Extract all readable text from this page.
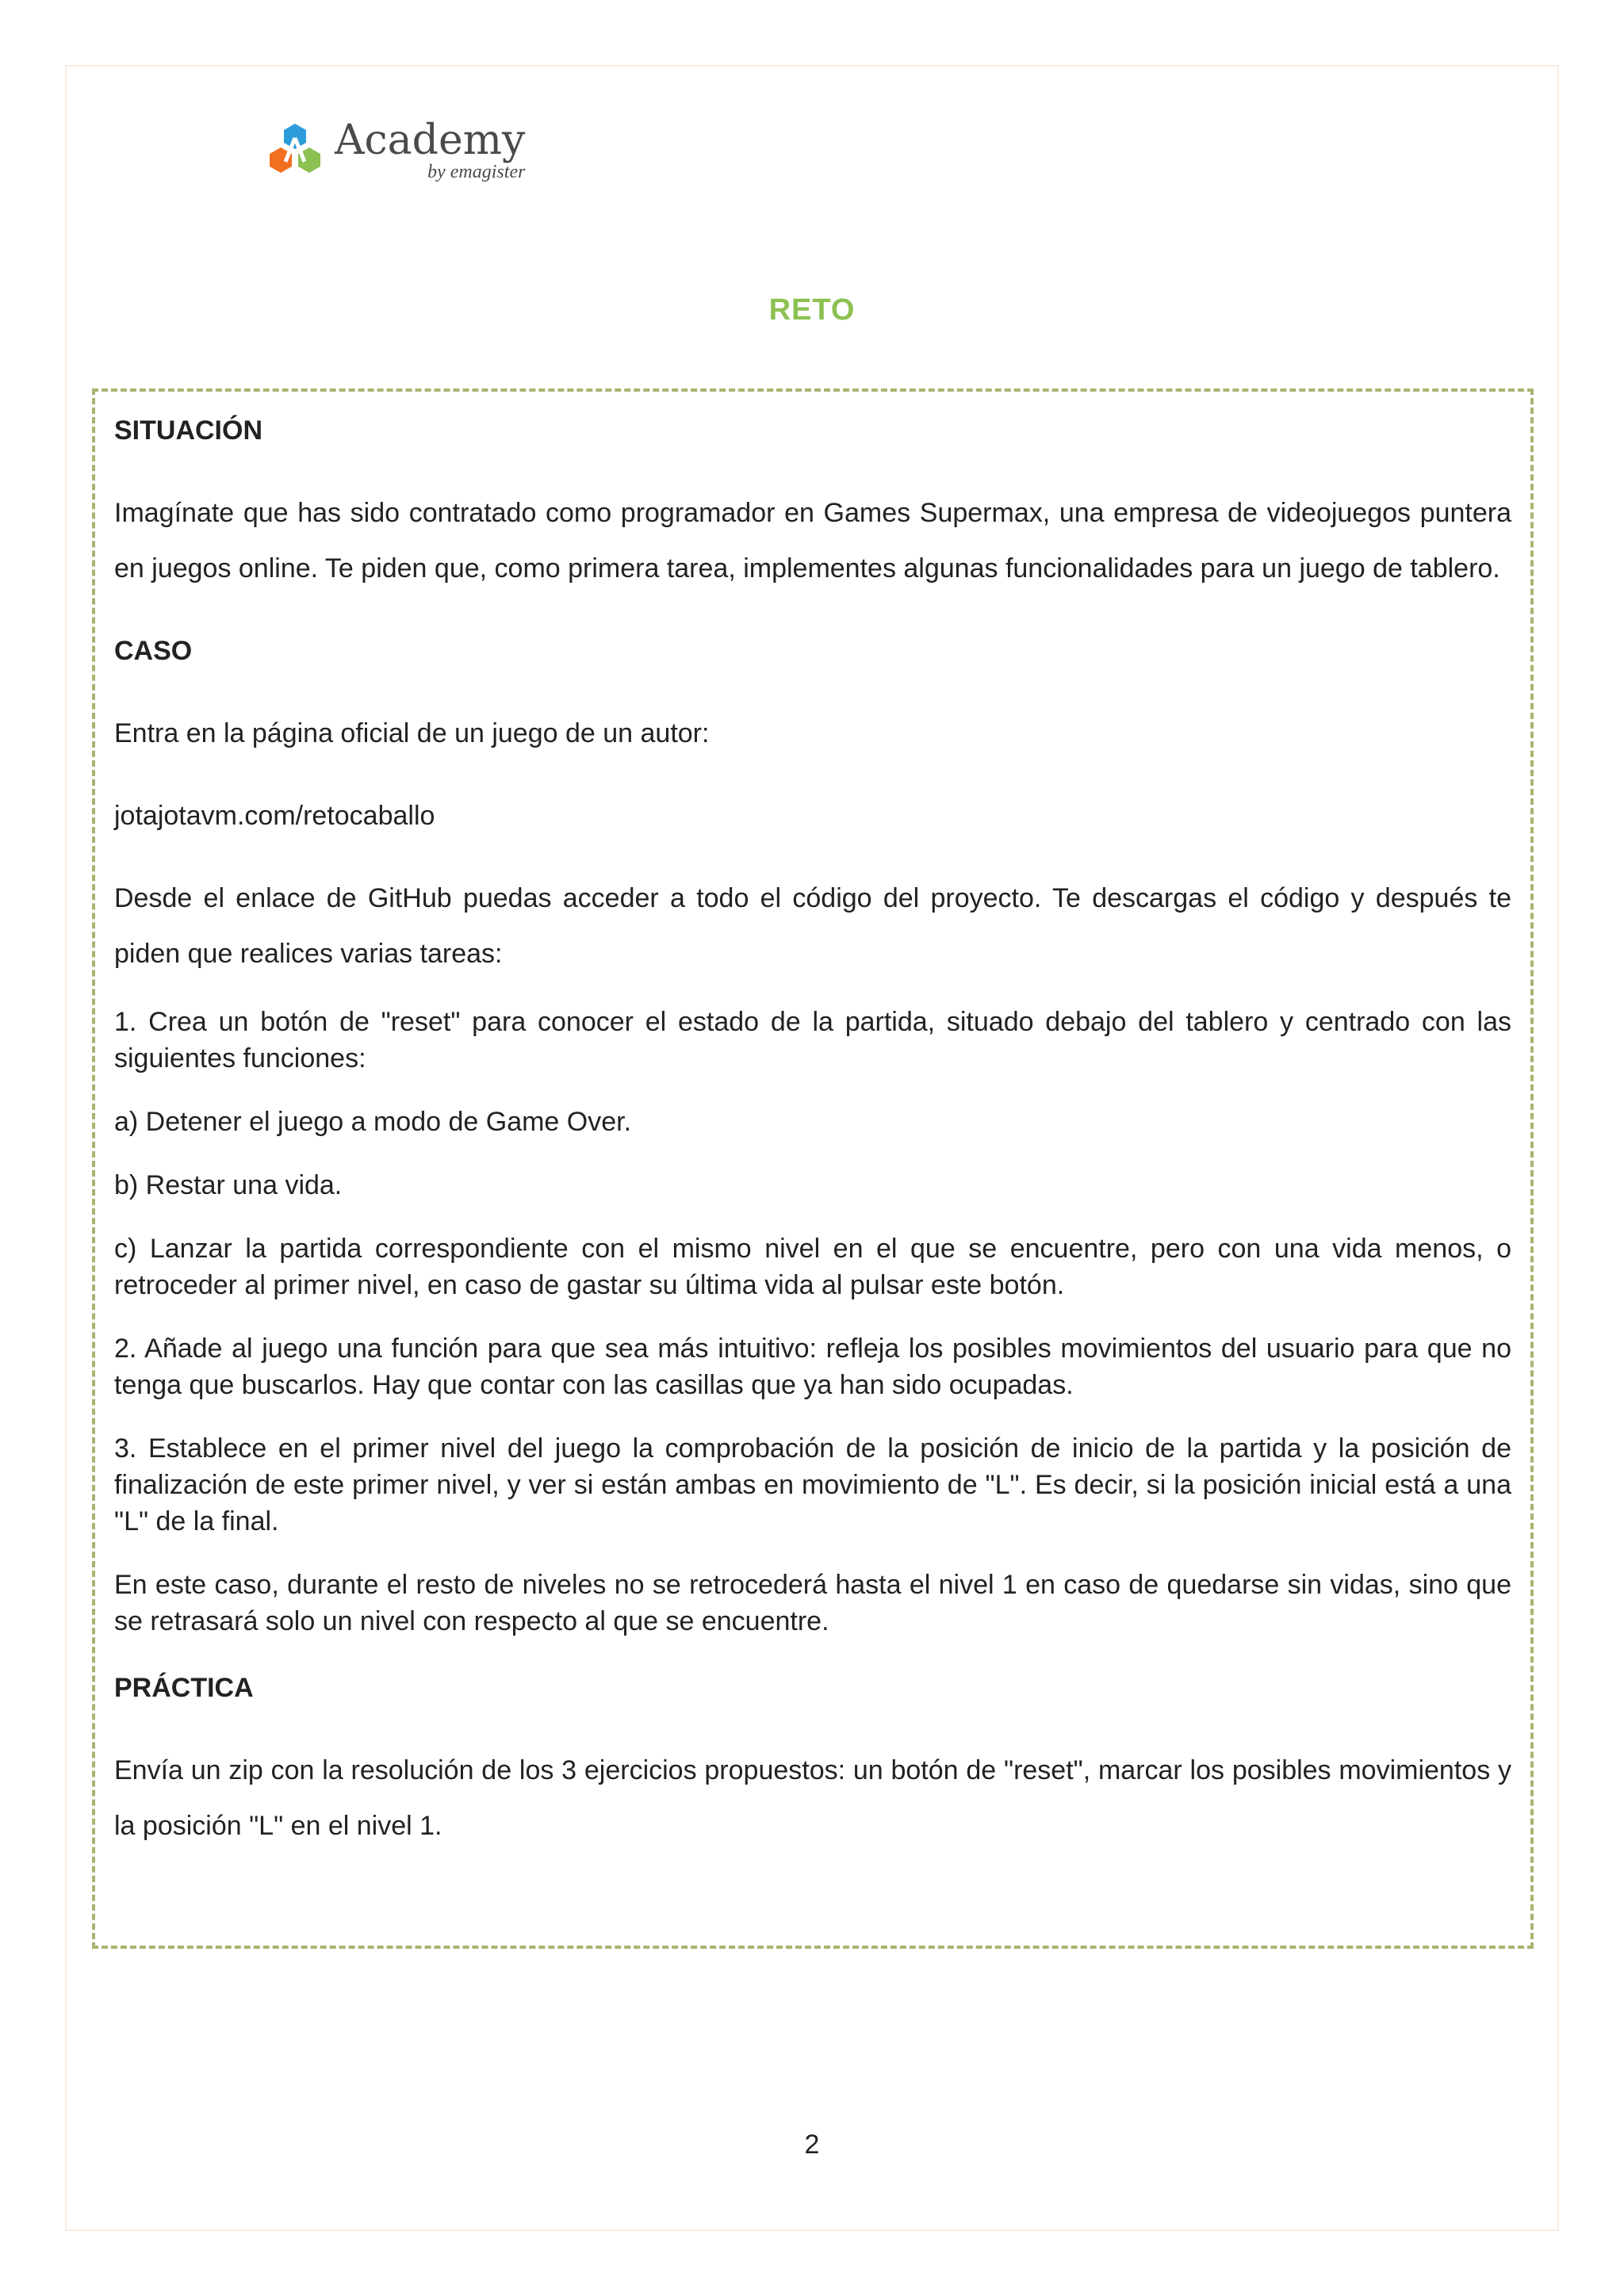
Academy
by emagister
RETO

SITUACIÓN

Imagínate que has sido contratado como programador en Games Supermax, una empresa de videojuegos puntera en juegos online. Te piden que, como primera tarea, implementes algunas funcionalidades para un juego de tablero.

CASO

Entra en la página oficial de un juego de un autor:

jotajotavm.com/retocaballo

Desde el enlace de GitHub puedas acceder a todo el código del proyecto. Te descargas el código y después te piden que realices varias tareas:

1. Crea un botón de "reset" para conocer el estado de la partida, situado debajo del tablero y centrado con las siguientes funciones:

a) Detener el juego a modo de Game Over.

b) Restar una vida.

c) Lanzar la partida correspondiente con el mismo nivel en el que se encuentre, pero con una vida menos, o retroceder al primer nivel, en caso de gastar su última vida al pulsar este botón.

2. Añade al juego una función para que sea más intuitivo: refleja los posibles movimientos del usuario para que no tenga que buscarlos. Hay que contar con las casillas que ya han sido ocupadas.

3. Establece en el primer nivel del juego la comprobación de la posición de inicio de la partida y la posición de finalización de este primer nivel, y ver si están ambas en movimiento de "L". Es decir, si la posición inicial está a una "L" de la final.

En este caso, durante el resto de niveles no se retrocederá hasta el nivel 1 en caso de quedarse sin vidas, sino que se retrasará solo un nivel con respecto al que se encuentre.

PRÁCTICA

Envía un zip con la resolución de los 3 ejercicios propuestos: un botón de "reset", marcar los posibles movimientos y la posición "L" en el nivel 1.

2
